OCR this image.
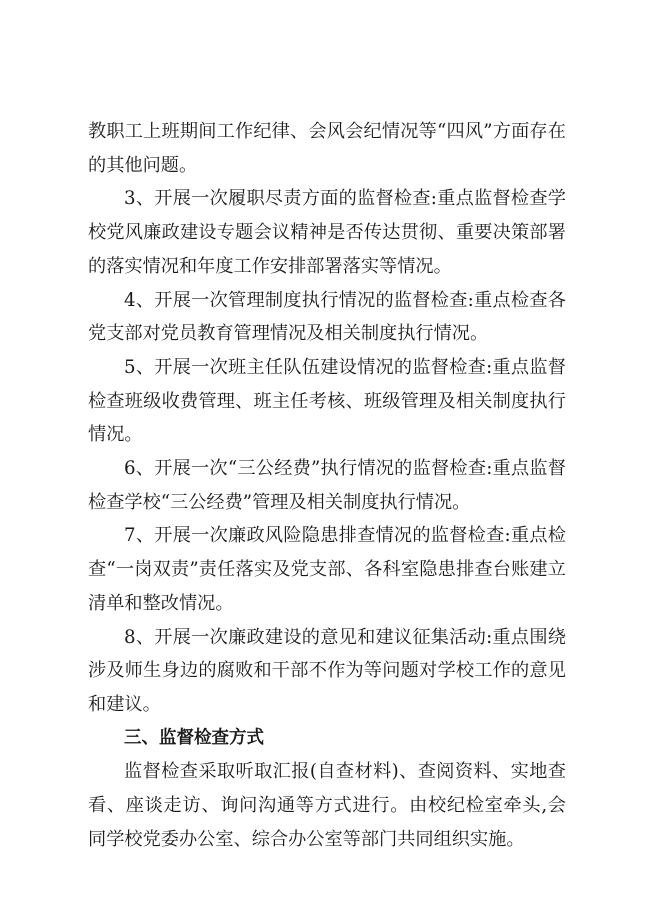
教职工上班期间工作纪律、会风会纪情况等“四风”方面存在的其他问题。

3、开展一次履职尽责方面的监督检查:重点监督检查学校党风廉政建设专题会议精神是否传达贯彻、重要决策部署的落实情况和年度工作安排部署落实等情况。

4、开展一次管理制度执行情况的监督检查:重点检查各党支部对党员教育管理情况及相关制度执行情况。

5、开展一次班主任队伍建设情况的监督检查:重点监督检查班级收费管理、班主任考核、班级管理及相关制度执行情况。

6、开展一次“三公经费”执行情况的监督检查:重点监督检查学校“三公经费”管理及相关制度执行情况。

7、开展一次廉政风险隐患排查情况的监督检查:重点检查“一岗双责”责任落实及党支部、各科室隐患排查台账建立清单和整改情况。

8、开展一次廉政建设的意见和建议征集活动:重点围绕涉及师生身边的腐败和干部不作为等问题对学校工作的意见和建议。

三、监督检查方式

监督检查采取听取汇报(自查材料)、查阅资料、实地查看、座谈走访、询问沟通等方式进行。由校纪检室牵头,会同学校党委办公室、综合办公室等部门共同组织实施。
